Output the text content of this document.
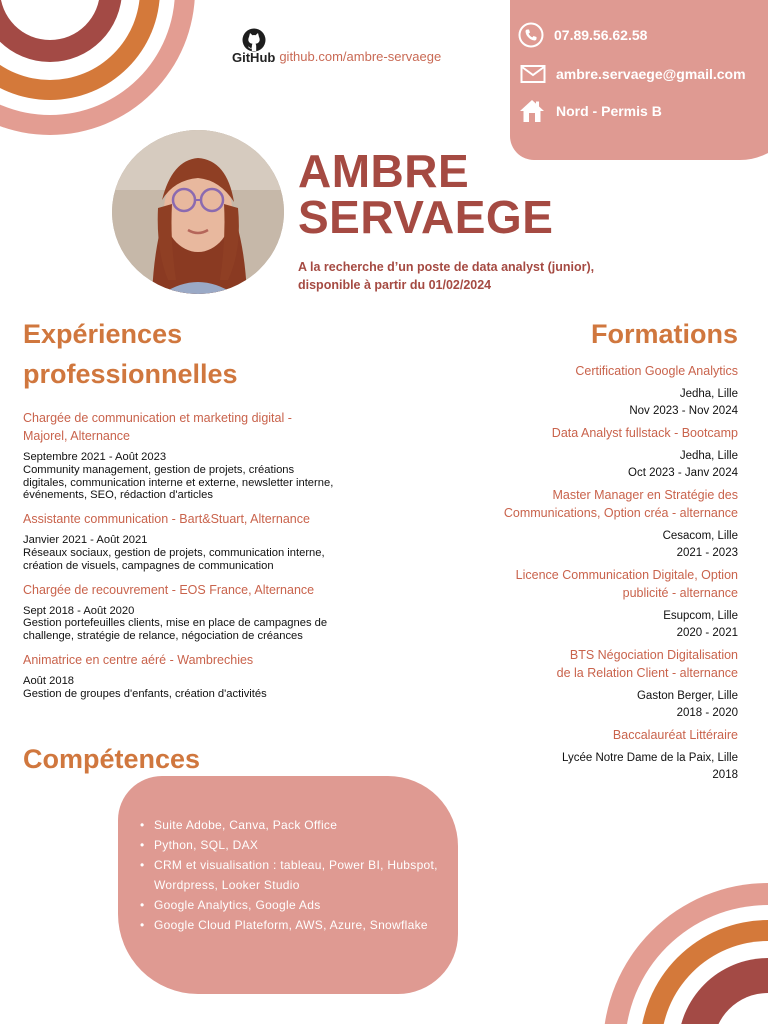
GitHub github.com/ambre-servaege
07.89.56.62.58
ambre.servaege@gmail.com
Nord - Permis B
AMBRE
SERVAEGE
A la recherche d’un poste de data analyst (junior),
disponible à partir du 01/02/2024
Expériences
professionnelles
Chargée de communication et marketing digital -
Majorel, Alternance
Septembre 2021 - Août 2023
Community management, gestion de projets, créations
digitales, communication interne et externe, newsletter interne,
événements, SEO, rédaction d'articles
Assistante communication - Bart&Stuart, Alternance
Janvier 2021 - Août 2021
Réseaux sociaux, gestion de projets, communication interne,
création de visuels, campagnes de communication
Chargée de recouvrement - EOS France, Alternance
Sept 2018 - Août 2020
Gestion portefeuilles clients, mise en place de campagnes de
challenge, stratégie de relance, négociation de créances
Animatrice en centre aéré - Wambrechies
Août 2018
Gestion de groupes d'enfants, création d'activités
Formations
Certification Google Analytics
Jedha, Lille
Nov 2023 - Nov 2024
Data Analyst fullstack - Bootcamp
Jedha, Lille
Oct 2023 - Janv 2024
Master Manager en Stratégie des
Communications, Option créa - alternance
Cesacom, Lille
2021 - 2023
Licence Communication Digitale, Option
publicité - alternance
Esupcom, Lille
2020 - 2021
BTS Négociation Digitalisation
de la Relation Client - alternance
Gaston Berger, Lille
2018 - 2020
Baccalauréat Littéraire
Lycée Notre Dame de la Paix, Lille
2018
Compétences
• Suite Adobe, Canva, Pack Office
• Python, SQL, DAX
• CRM et visualisation : tableau, Power BI, Hubspot,
Wordpress, Looker Studio
• Google Analytics, Google Ads
• Google Cloud Plateform, AWS, Azure, Snowflake
